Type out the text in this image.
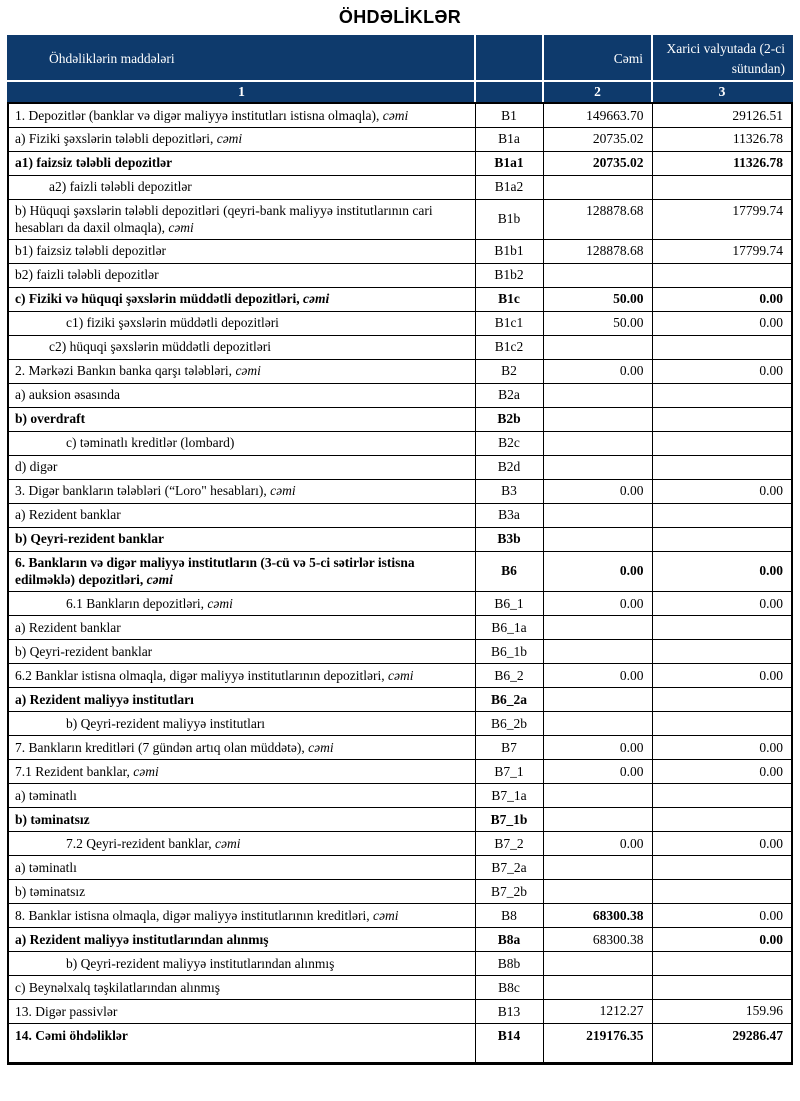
ÖHDƏLİKLƏR
Öhdəliklərin maddələri		Cəmi	Xarici valyutada (2-ci sütundan)
1		2	3
1. Depozitlər (banklar və digər maliyyə institutları istisna olmaqla), cəmi	B1	149663.70	29126.51
a) Fiziki şəxslərin tələbli depozitləri, cəmi	B1a	20735.02	11326.78
a1) faizsiz tələbli depozitlər	B1a1	20735.02	11326.78
a2) faizli tələbli depozitlər	B1a2		
b) Hüquqi şəxslərin tələbli depozitləri (qeyri-bank maliyyə institutlarının cari hesabları da daxil olmaqla), cəmi	B1b	128878.68	17799.74
b1) faizsiz tələbli depozitlər	B1b1	128878.68	17799.74
b2) faizli tələbli depozitlər	B1b2		
c) Fiziki və hüquqi şəxslərin müddətli depozitləri, cəmi	B1c	50.00	0.00
c1) fiziki şəxslərin müddətli depozitləri	B1c1	50.00	0.00
c2) hüquqi şəxslərin müddətli depozitləri	B1c2		
2. Mərkəzi Bankın banka qarşı tələbləri, cəmi	B2	0.00	0.00
a) auksion əsasında	B2a		
b) overdraft	B2b		
c) təminatlı kreditlər (lombard)	B2c		
d) digər	B2d		
3. Digər bankların tələbləri (“Loro" hesabları), cəmi	B3	0.00	0.00
a) Rezident banklar	B3a		
b) Qeyri-rezident banklar	B3b		
6. Bankların və digər maliyyə institutların (3-cü və 5-ci sətirlər istisna edilməklə) depozitləri, cəmi	B6	0.00	0.00
6.1 Bankların depozitləri, cəmi	B6_1	0.00	0.00
a) Rezident banklar	B6_1a		
b) Qeyri-rezident banklar	B6_1b		
6.2 Banklar istisna olmaqla, digər maliyyə institutlarının depozitləri, cəmi	B6_2	0.00	0.00
a) Rezident maliyyə institutları	B6_2a		
b) Qeyri-rezident maliyyə institutları	B6_2b		
7. Bankların kreditləri (7 gündən artıq olan müddətə), cəmi	B7	0.00	0.00
7.1 Rezident banklar, cəmi	B7_1	0.00	0.00
a) təminatlı	B7_1a		
b) təminatsız	B7_1b		
7.2 Qeyri-rezident banklar, cəmi	B7_2	0.00	0.00
a) təminatlı	B7_2a		
b) təminatsız	B7_2b		
8. Banklar istisna olmaqla, digər maliyyə institutlarının kreditləri, cəmi	B8	68300.38	0.00
a) Rezident maliyyə institutlarından alınmış	B8a	68300.38	0.00
b) Qeyri-rezident maliyyə institutlarından alınmış	B8b		
c) Beynəlxalq təşkilatlarından alınmış	B8c		
13. Digər passivlər	B13	1212.27	159.96
14. Cəmi öhdəliklər	B14	219176.35	29286.47
